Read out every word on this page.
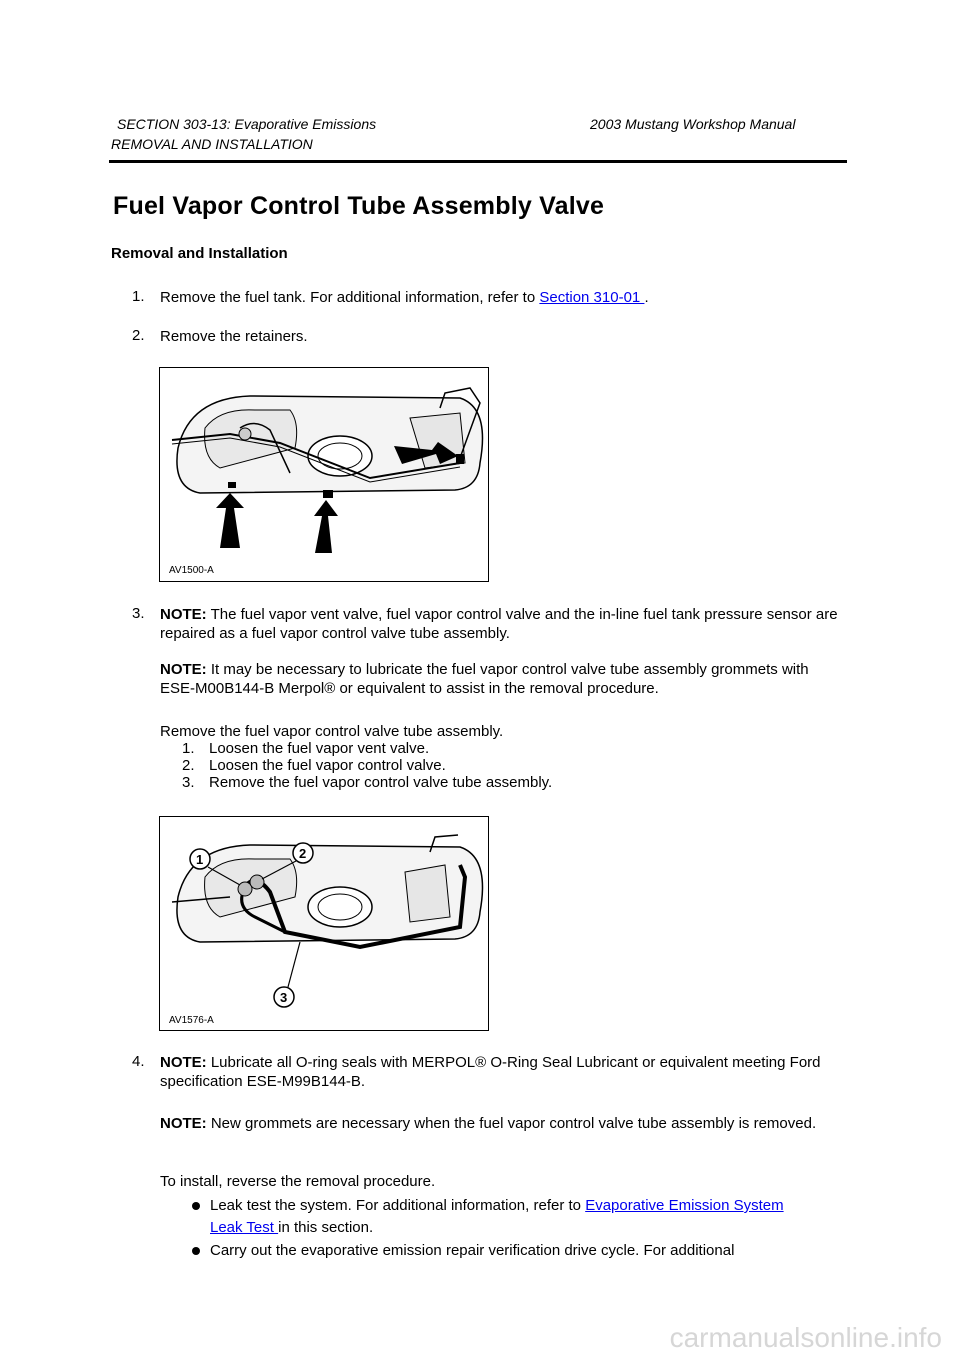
SECTION 303-13: Evaporative Emissions	2003 Mustang Workshop Manual
REMOVAL AND INSTALLATION
Fuel Vapor Control Tube Assembly Valve
Removal and Installation
1. Remove the fuel tank. For additional information, refer to Section 310-01 .
2. Remove the retainers.
AV1500-A
3. NOTE: The fuel vapor vent valve, fuel vapor control valve and the in-line fuel tank pressure sensor are repaired as a fuel vapor control valve tube assembly.
NOTE: It may be necessary to lubricate the fuel vapor control valve tube assembly grommets with ESE-M00B144-B Merpol® or equivalent to assist in the removal procedure.
Remove the fuel vapor control valve tube assembly.
1. Loosen the fuel vapor vent valve.
2. Loosen the fuel vapor control valve.
3. Remove the fuel vapor control valve tube assembly.
1	2
3
AV1576-A
4. NOTE: Lubricate all O-ring seals with MERPOL® O-Ring Seal Lubricant or equivalent meeting Ford specification ESE-M99B144-B.
NOTE: New grommets are necessary when the fuel vapor control valve tube assembly is removed.
To install, reverse the removal procedure.
Leak test the system. For additional information, refer to Evaporative Emission System
Leak Test in this section.
Carry out the evaporative emission repair verification drive cycle. For additional
carmanualsonline.info
